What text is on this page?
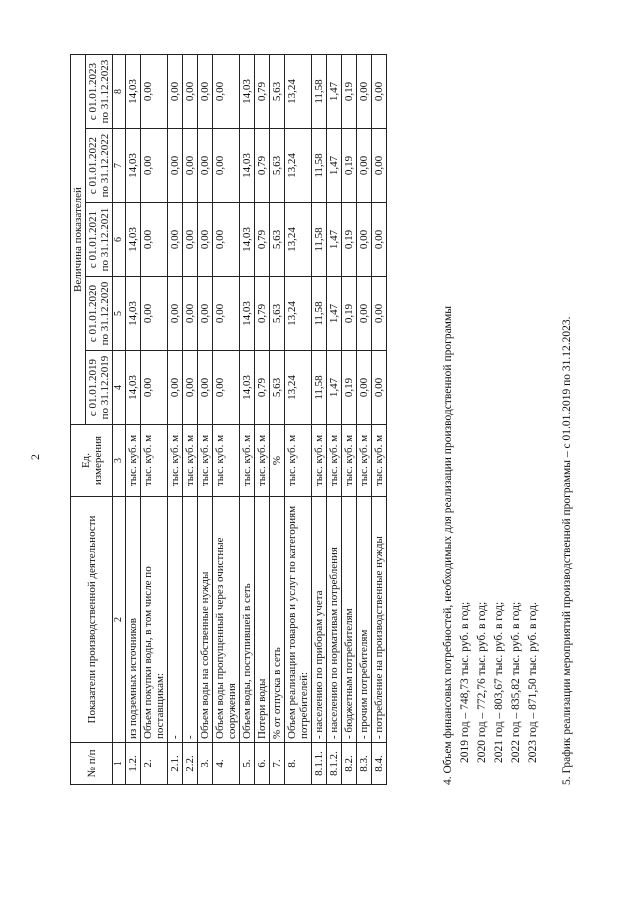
2
№ п/п	Показатели производственной деятельности	Ед. измерения	Величина показателей				
			с 01.01.2019 по 31.12.2019	с 01.01.2020 по 31.12.2020	с 01.01.2021 по 31.12.2021	с 01.01.2022 по 31.12.2022	с 01.01.2023 по 31.12.2023
1	2	3	4	5	6	7	8
1.2.	из подземных источников	тыс. куб. м	14,03	14,03	14,03	14,03	14,03
2.	Объем покупки воды, в том числе по поставщикам:	тыс. куб. м	0,00	0,00	0,00	0,00	0,00
2.1.	-	тыс. куб. м	0,00	0,00	0,00	0,00	0,00
2.2.	-	тыс. куб. м	0,00	0,00	0,00	0,00	0,00
3.	Объем воды на собственные нужды	тыс. куб. м	0,00	0,00	0,00	0,00	0,00
4.	Объем воды пропущенный через очистные сооружения	тыс. куб. м	0,00	0,00	0,00	0,00	0,00
5.	Объем воды, поступившей в сеть	тыс. куб. м	14,03	14,03	14,03	14,03	14,03
6.	Потери воды	тыс. куб. м	0,79	0,79	0,79	0,79	0,79
7.	% от отпуска в сеть	%	5,63	5,63	5,63	5,63	5,63
8.	Объем реализации товаров и услуг по категориям потребителей:	тыс. куб. м	13,24	13,24	13,24	13,24	13,24
8.1.1.	- населению по приборам учета	тыс. куб. м	11,58	11,58	11,58	11,58	11,58
8.1.2.	- населению по нормативам потребления	тыс. куб. м	1,47	1,47	1,47	1,47	1,47
8.2.	- бюджетным потребителям	тыс. куб. м	0,19	0,19	0,19	0,19	0,19
8.3.	- прочим потребителям	тыс. куб. м	0,00	0,00	0,00	0,00	0,00
8.4.	- потребление на производственные нужды	тыс. куб. м	0,00	0,00	0,00	0,00	0,00
4. Объем финансовых потребностей, необходимых для реализации производственной программы 2019 год – 748,73 тыс. руб. в год; 2020 год – 772,76 тыс. руб. в год; 2021 год – 803,67 тыс. руб. в год; 2022 год – 835,82 тыс. руб. в год; 2023 год – 871,50 тыс. руб. в год. 5. График реализации мероприятий производственной программы – с 01.01.2019 по 31.12.2023.
